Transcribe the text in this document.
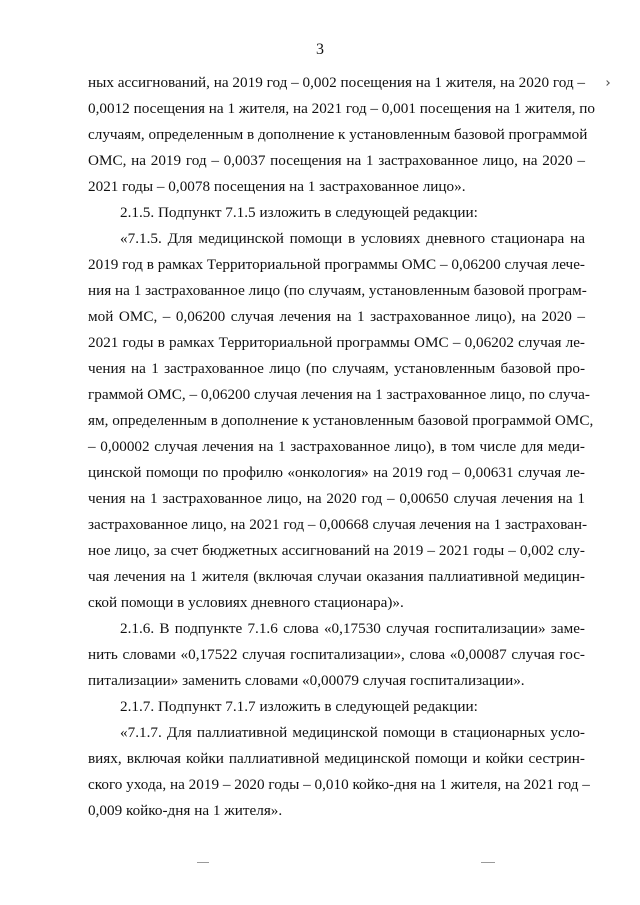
3
ных ассигнований, на 2019 год – 0,002 посещения на 1 жителя, на 2020 год –
0,0012 посещения на 1 жителя, на 2021 год – 0,001 посещения на 1 жителя, по
случаям, определенным в дополнение к установленным базовой программой
ОМС, на 2019 год – 0,0037 посещения на 1 застрахованное лицо, на 2020 –
2021 годы – 0,0078 посещения на 1 застрахованное лицо».
2.1.5. Подпункт 7.1.5 изложить в следующей редакции:
«7.1.5. Для медицинской помощи в условиях дневного стационара на
2019 год в рамках Территориальной программы ОМС – 0,06200 случая лече-
ния на 1 застрахованное лицо (по случаям, установленным базовой програм-
мой ОМС, – 0,06200 случая лечения на 1 застрахованное лицо), на 2020 –
2021 годы в рамках Территориальной программы ОМС – 0,06202 случая ле-
чения на 1 застрахованное лицо (по случаям, установленным базовой про-
граммой ОМС, – 0,06200 случая лечения на 1 застрахованное лицо, по случа-
ям, определенным в дополнение к установленным базовой программой ОМС,
– 0,00002 случая лечения на 1 застрахованное лицо), в том числе для меди-
цинской помощи по профилю «онкология» на 2019 год – 0,00631 случая ле-
чения на 1 застрахованное лицо, на 2020 год – 0,00650 случая лечения на 1
застрахованное лицо, на 2021 год – 0,00668 случая лечения на 1 застрахован-
ное лицо, за счет бюджетных ассигнований на 2019 – 2021 годы – 0,002 слу-
чая лечения на 1 жителя (включая случаи оказания паллиативной медицин-
ской помощи в условиях дневного стационара)».
2.1.6. В подпункте 7.1.6 слова «0,17530 случая госпитализации» заме-
нить словами «0,17522 случая госпитализации», слова «0,00087 случая гос-
питализации» заменить словами «0,00079 случая госпитализации».
2.1.7. Подпункт 7.1.7 изложить в следующей редакции:
«7.1.7. Для паллиативной медицинской помощи в стационарных усло-
виях, включая койки паллиативной медицинской помощи и койки сестрин-
ского ухода, на 2019 – 2020 годы – 0,010 койко-дня на 1 жителя, на 2021 год –
0,009 койко-дня на 1 жителя».
